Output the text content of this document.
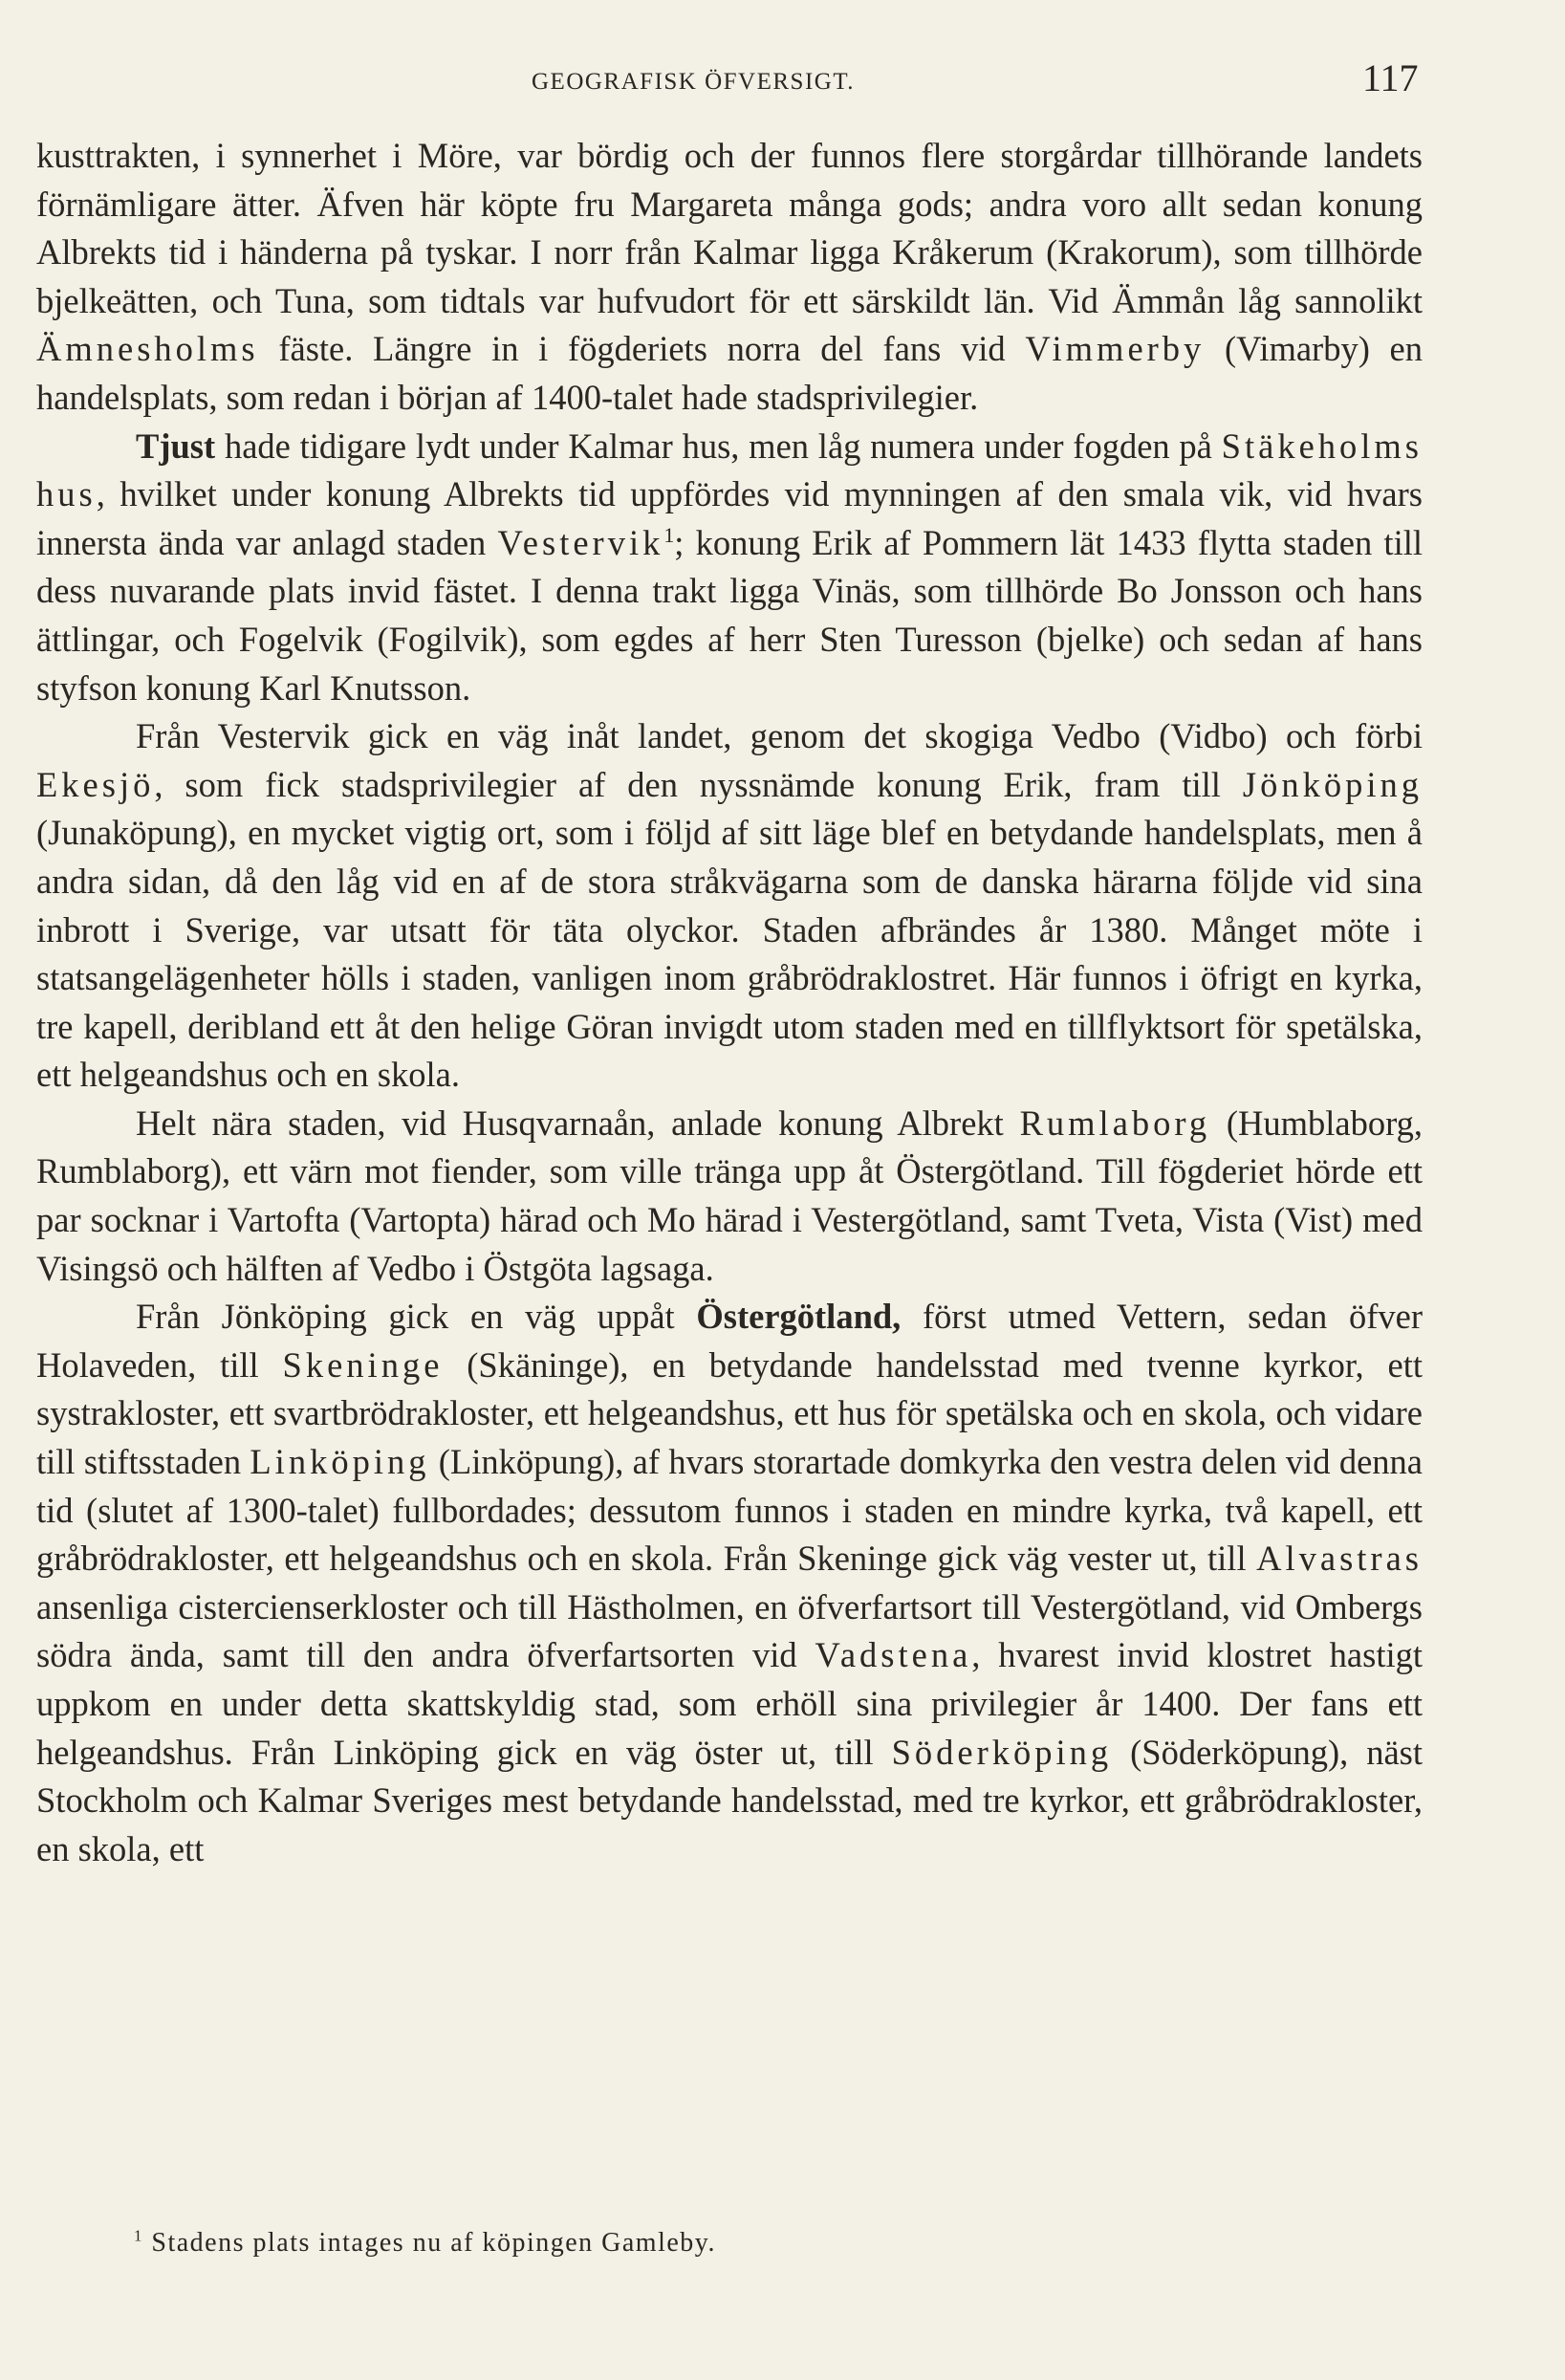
GEOGRAFISK ÖFVERSIGT.	117

kusttrakten, i synnerhet i Möre, var bördig och der funnos flere storgårdar tillhörande landets förnämligare ätter. Äfven här köpte fru Margareta många gods; andra voro allt sedan konung Albrekts tid i händerna på tyskar. I norr från Kalmar ligga Kråkerum (Krakorum), som tillhörde bjelkeätten, och Tuna, som tidtals var hufvudort för ett särskildt län. Vid Ämmån låg sannolikt Ämnesholms fäste. Längre in i fögderiets norra del fans vid Vimmerby (Vimarby) en handelsplats, som redan i början af 1400-talet hade stadsprivilegier.

Tjust hade tidigare lydt under Kalmar hus, men låg numera under fogden på Stäkeholms hus, hvilket under konung Albrekts tid uppfördes vid mynningen af den smala vik, vid hvars innersta ända var anlagd staden Vestervik$^1$; konung Erik af Pommern lät 1433 flytta staden till dess nuvarande plats invid fästet. I denna trakt ligga Vinäs, som tillhörde Bo Jonsson och hans ättlingar, och Fogelvik (Fogilvik), som egdes af herr Sten Turesson (bjelke) och sedan af hans styfson konung Karl Knutsson.

Från Vestervik gick en väg inåt landet, genom det skogiga Vedbo (Vidbo) och förbi Ekesjö, som fick stadsprivilegier af den nyssnämde konung Erik, fram till Jönköping (Junaköpung), en mycket vigtig ort, som i följd af sitt läge blef en betydande handelsplats, men å andra sidan, då den låg vid en af de stora stråkvägarna som de danska härarna följde vid sina inbrott i Sverige, var utsatt för täta olyckor. Staden afbrändes år 1380. Månget möte i statsangelägenheter hölls i staden, vanligen inom gråbrödraklostret. Här funnos i öfrigt en kyrka, tre kapell, deribland ett åt den helige Göran invigdt utom staden med en tillflyktsort för spetälska, ett helgeandshus och en skola.

Helt nära staden, vid Husqvarnaån, anlade konung Albrekt Rumlaborg (Humblaborg, Rumblaborg), ett värn mot fiender, som ville tränga upp åt Östergötland. Till fögderiet hörde ett par socknar i Vartofta (Vartopta) härad och Mo härad i Vestergötland, samt Tveta, Vista (Vist) med Visingsö och hälften af Vedbo i Östgöta lagsaga.

Från Jönköping gick en väg uppåt Östergötland, först utmed Vettern, sedan öfver Holaveden, till Skeninge (Skäninge), en betydande handelsstad med tvenne kyrkor, ett systrakloster, ett svartbrödrakloster, ett helgeandshus, ett hus för spetälska och en skola, och vidare till stiftsstaden Linköping (Linköpung), af hvars storartade domkyrka den vestra delen vid denna tid (slutet af 1300-talet) fullbordades; dessutom funnos i staden en mindre kyrka, två kapell, ett gråbrödrakloster, ett helgeandshus och en skola. Från Skeninge gick väg vester ut, till Alvastras ansenliga cistercienserkloster och till Hästholmen, en öfverfartsort till Vestergötland, vid Ombergs södra ända, samt till den andra öfverfartsorten vid Vadstena, hvarest invid klostret hastigt uppkom en under detta skattskyldig stad, som erhöll sina privilegier år 1400. Der fans ett helgeandshus. Från Linköping gick en väg öster ut, till Söderköping (Söderköpung), näst Stockholm och Kalmar Sveriges mest betydande handelsstad, med tre kyrkor, ett gråbrödrakloster, en skola, ett

$^1$ Stadens plats intages nu af köpingen Gamleby.
